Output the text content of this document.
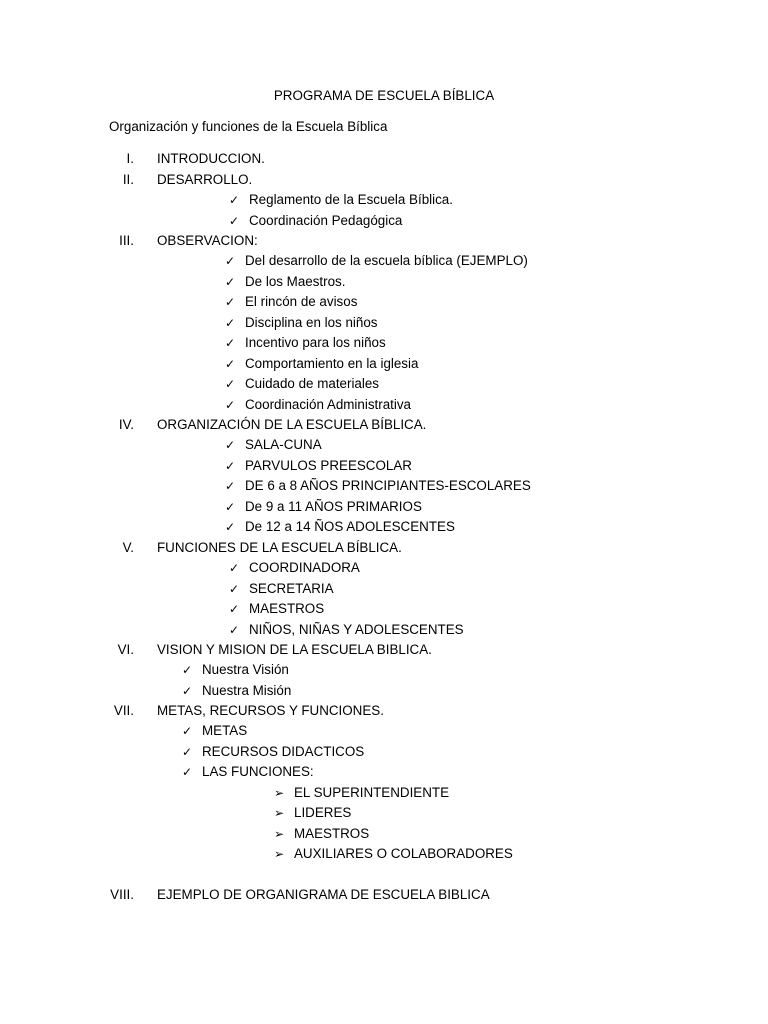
PROGRAMA DE ESCUELA BÍBLICA
Organización y funciones de la Escuela Bíblica
I. INTRODUCCION.
II. DESARROLLO.
✓ Reglamento de la Escuela Bíblica.
✓ Coordinación Pedagógica
III. OBSERVACION:
✓ Del desarrollo de la escuela bíblica (EJEMPLO)
✓ De los Maestros.
✓ El rincón de avisos
✓ Disciplina en los niños
✓ Incentivo para los niños
✓ Comportamiento en la iglesia
✓ Cuidado de materiales
✓ Coordinación Administrativa
IV. ORGANIZACIÓN DE LA ESCUELA BÍBLICA.
✓ SALA-CUNA
✓ PARVULOS PREESCOLAR
✓ DE 6 a 8 AÑOS PRINCIPIANTES-ESCOLARES
✓ De 9 a 11 AÑOS PRIMARIOS
✓ De 12 a 14 ÑOS ADOLESCENTES
V. FUNCIONES DE LA ESCUELA BÍBLICA.
✓ COORDINADORA
✓ SECRETARIA
✓ MAESTROS
✓ NIÑOS, NIÑAS Y ADOLESCENTES
VI. VISION Y MISION DE LA ESCUELA BIBLICA.
✓ Nuestra Visión
✓ Nuestra Misión
VII. METAS, RECURSOS Y FUNCIONES.
✓ METAS
✓ RECURSOS DIDACTICOS
✓ LAS FUNCIONES:
➢ EL SUPERINTENDIENTE
➢ LIDERES
➢ MAESTROS
➢ AUXILIARES O COLABORADORES
VIII. EJEMPLO DE ORGANIGRAMA DE ESCUELA BIBLICA
